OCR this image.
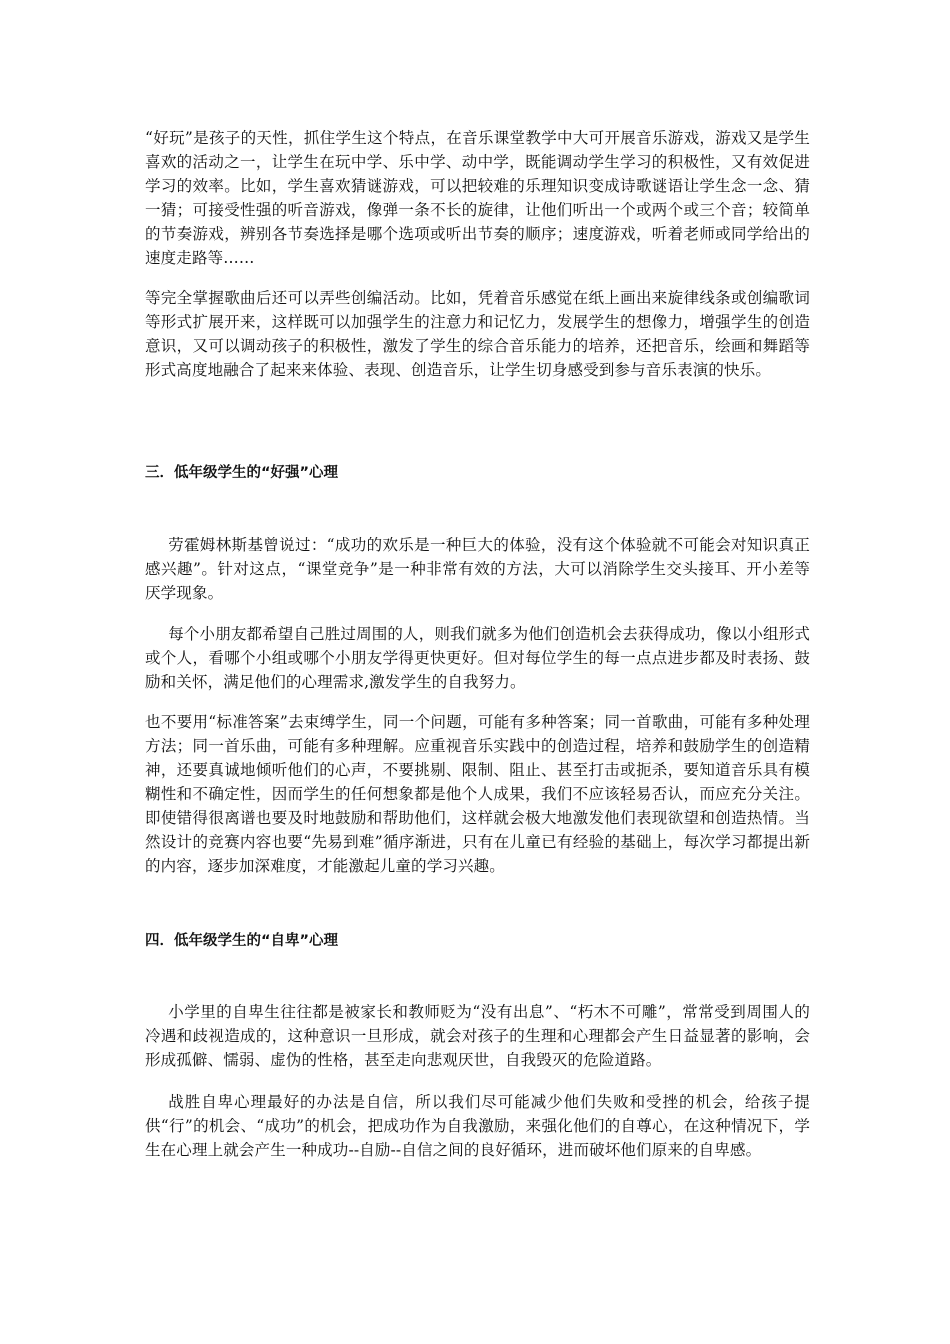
“好玩”是孩子的天性，抓住学生这个特点，在音乐课堂教学中大可开展音乐游戏，游戏又是学生喜欢的活动之一，让学生在玩中学、乐中学、动中学，既能调动学生学习的积极性，又有效促进学习的效率。比如，学生喜欢猜谜游戏，可以把较难的乐理知识变成诗歌谜语让学生念一念、猜一猜；可接受性强的听音游戏，像弹一条不长的旋律，让他们听出一个或两个或三个音；较简单的节奏游戏，辨别各节奏选择是哪个选项或听出节奏的顺序；速度游戏，听着老师或同学给出的速度走路等……

等完全掌握歌曲后还可以弄些创编活动。比如，凭着音乐感觉在纸上画出来旋律线条或创编歌词等形式扩展开来，这样既可以加强学生的注意力和记忆力，发展学生的想像力，增强学生的创造意识，又可以调动孩子的积极性，激发了学生的综合音乐能力的培养，还把音乐，绘画和舞蹈等形式高度地融合了起来来体验、表现、创造音乐，让学生切身感受到参与音乐表演的快乐。

三．低年级学生的“好强”心理

劳霍姆林斯基曾说过：“成功的欢乐是一种巨大的体验，没有这个体验就不可能会对知识真正感兴趣”。针对这点，“课堂竞争”是一种非常有效的方法，大可以消除学生交头接耳、开小差等厌学现象。

每个小朋友都希望自己胜过周围的人，则我们就多为他们创造机会去获得成功，像以小组形式或个人，看哪个小组或哪个小朋友学得更快更好。但对每位学生的每一点点进步都及时表扬、鼓励和关怀，满足他们的心理需求,激发学生的自我努力。

也不要用“标准答案”去束缚学生，同一个问题，可能有多种答案；同一首歌曲，可能有多种处理方法；同一首乐曲，可能有多种理解。应重视音乐实践中的创造过程，培养和鼓励学生的创造精神，还要真诚地倾听他们的心声，不要挑剔、限制、阻止、甚至打击或扼杀，要知道音乐具有模糊性和不确定性，因而学生的任何想象都是他个人成果，我们不应该轻易否认，而应充分关注。即使错得很离谱也要及时地鼓励和帮助他们，这样就会极大地激发他们表现欲望和创造热情。当然设计的竞赛内容也要“先易到难”循序渐进，只有在儿童已有经验的基础上，每次学习都提出新的内容，逐步加深难度，才能激起儿童的学习兴趣。

四．低年级学生的“自卑”心理

小学里的自卑生往往都是被家长和教师贬为“没有出息”、“朽木不可雕”，常常受到周围人的冷遇和歧视造成的，这种意识一旦形成，就会对孩子的生理和心理都会产生日益显著的影响，会形成孤僻、懦弱、虚伪的性格，甚至走向悲观厌世，自我毁灭的危险道路。

战胜自卑心理最好的办法是自信，所以我们尽可能减少他们失败和受挫的机会，给孩子提供“行”的机会、“成功”的机会，把成功作为自我激励，来强化他们的自尊心，在这种情况下，学生在心理上就会产生一种成功--自励--自信之间的良好循环，进而破坏他们原来的自卑感。
